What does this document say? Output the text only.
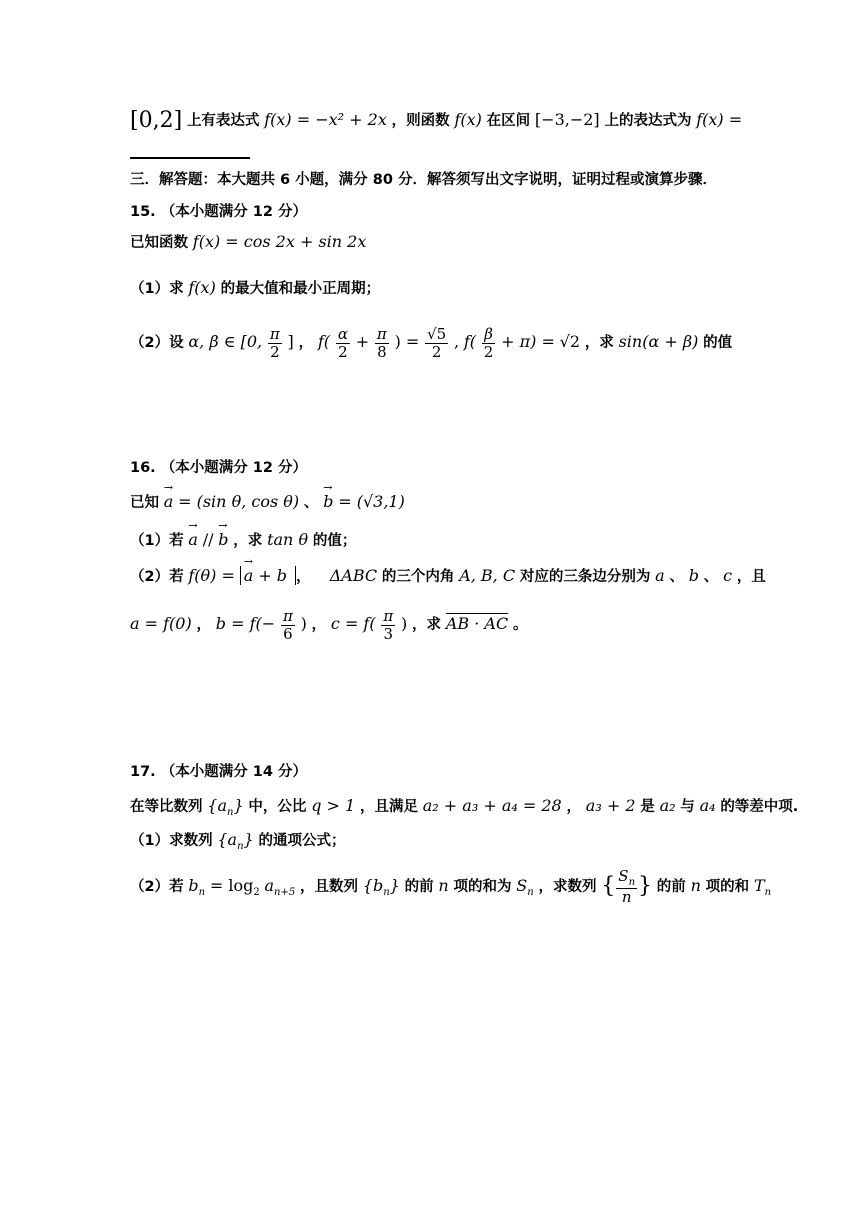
[0,2] 上有表达式 f(x) = −x² + 2x ，则函数 f(x) 在区间 [−3,−2] 上的表达式为 f(x) =
三．解答题：本大题共 6 小题，满分 80 分．解答须写出文字说明，证明过程或演算步骤．
15. （本小题满分 12 分）
已知函数 f(x) = cos 2x + sin 2x
（1）求 f(x) 的最大值和最小正周期；
（2）设 α, β ∈ [0, $\frac{\pi}{2}$ ] ， $f( \frac{\alpha}{2} + \frac{\pi}{8}$ ) = $\frac{√5}{2}$ , $f( \frac{\beta}{2} + \pi) = √2$ ，求 sin(α + β) 的值
16. （本小题满分 12 分）
已知 → a = (sin θ, cos θ) 、 → b = (√3,1)
（1）若 → a // → b ，求 tan θ 的值；
（2）若 f(θ) = → a + b ， ΔABC 的三个内角 A, B, C 对应的三条边分别为 a 、 b 、 c ，且
a = f(0) ， $b = f(- \frac{\pi}{6}$ ) ， $c = f( \frac{\pi}{3}$ ) ，求 AB · AC 。
17. （本小题满分 14 分）
在等比数列 $\{a_n\}$ 中，公比 q > 1 ，且满足 a₂ + a₃ + a₄ = 28 ， a₃ + 2 是 a₂ 与 a₄ 的等差中项.
（1）求数列 $\{a_n\}$ 的通项公式；
（2）若 $b_n = \log_2 a_{n+5}$ ，且数列 $\{b_n\}$ 的前 n 项的和为 $S_n$ ，求数列 { $\frac{S_n}{n}$ } 的前 n 项的和 $T_n$
